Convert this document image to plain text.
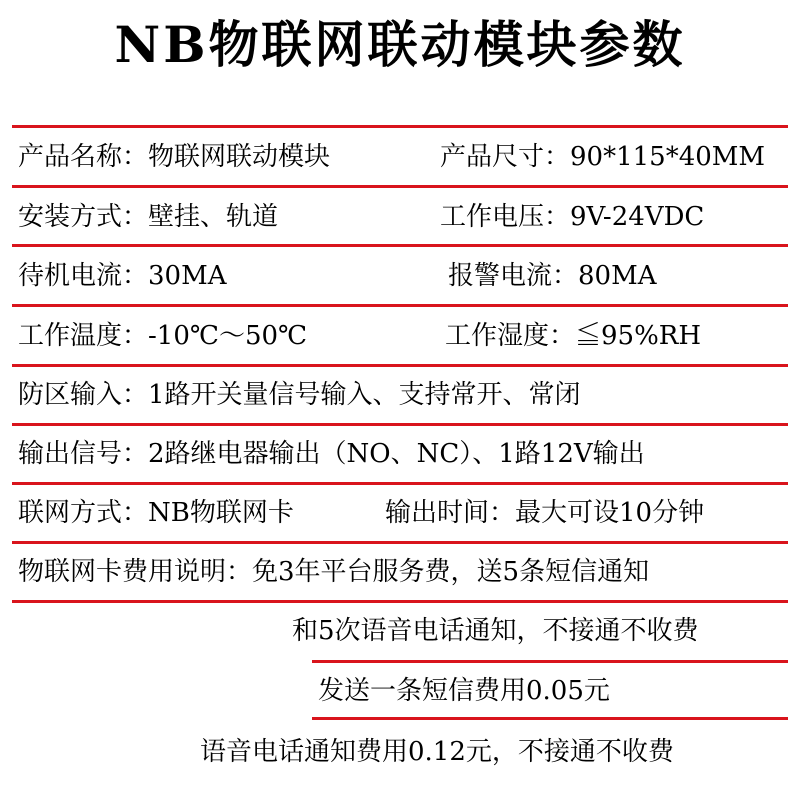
NB物联网联动模块参数
产品名称：物联网联动模块	产品尺寸：90*115*40MM
安装方式：壁挂、轨道	工作电压：9V-24VDC
待机电流：30MA	报警电流：80MA
工作温度：-10℃～50℃	工作湿度：≦95%RH
防区输入：1路开关量信号输入、支持常开、常闭
输出信号：2路继电器输出（NO、NC）、1路12V输出
联网方式：NB物联网卡	输出时间：最大可设10分钟
物联网卡费用说明：免3年平台服务费，送5条短信通知
和5次语音电话通知，不接通不收费
发送一条短信费用0.05元
语音电话通知费用0.12元，不接通不收费
